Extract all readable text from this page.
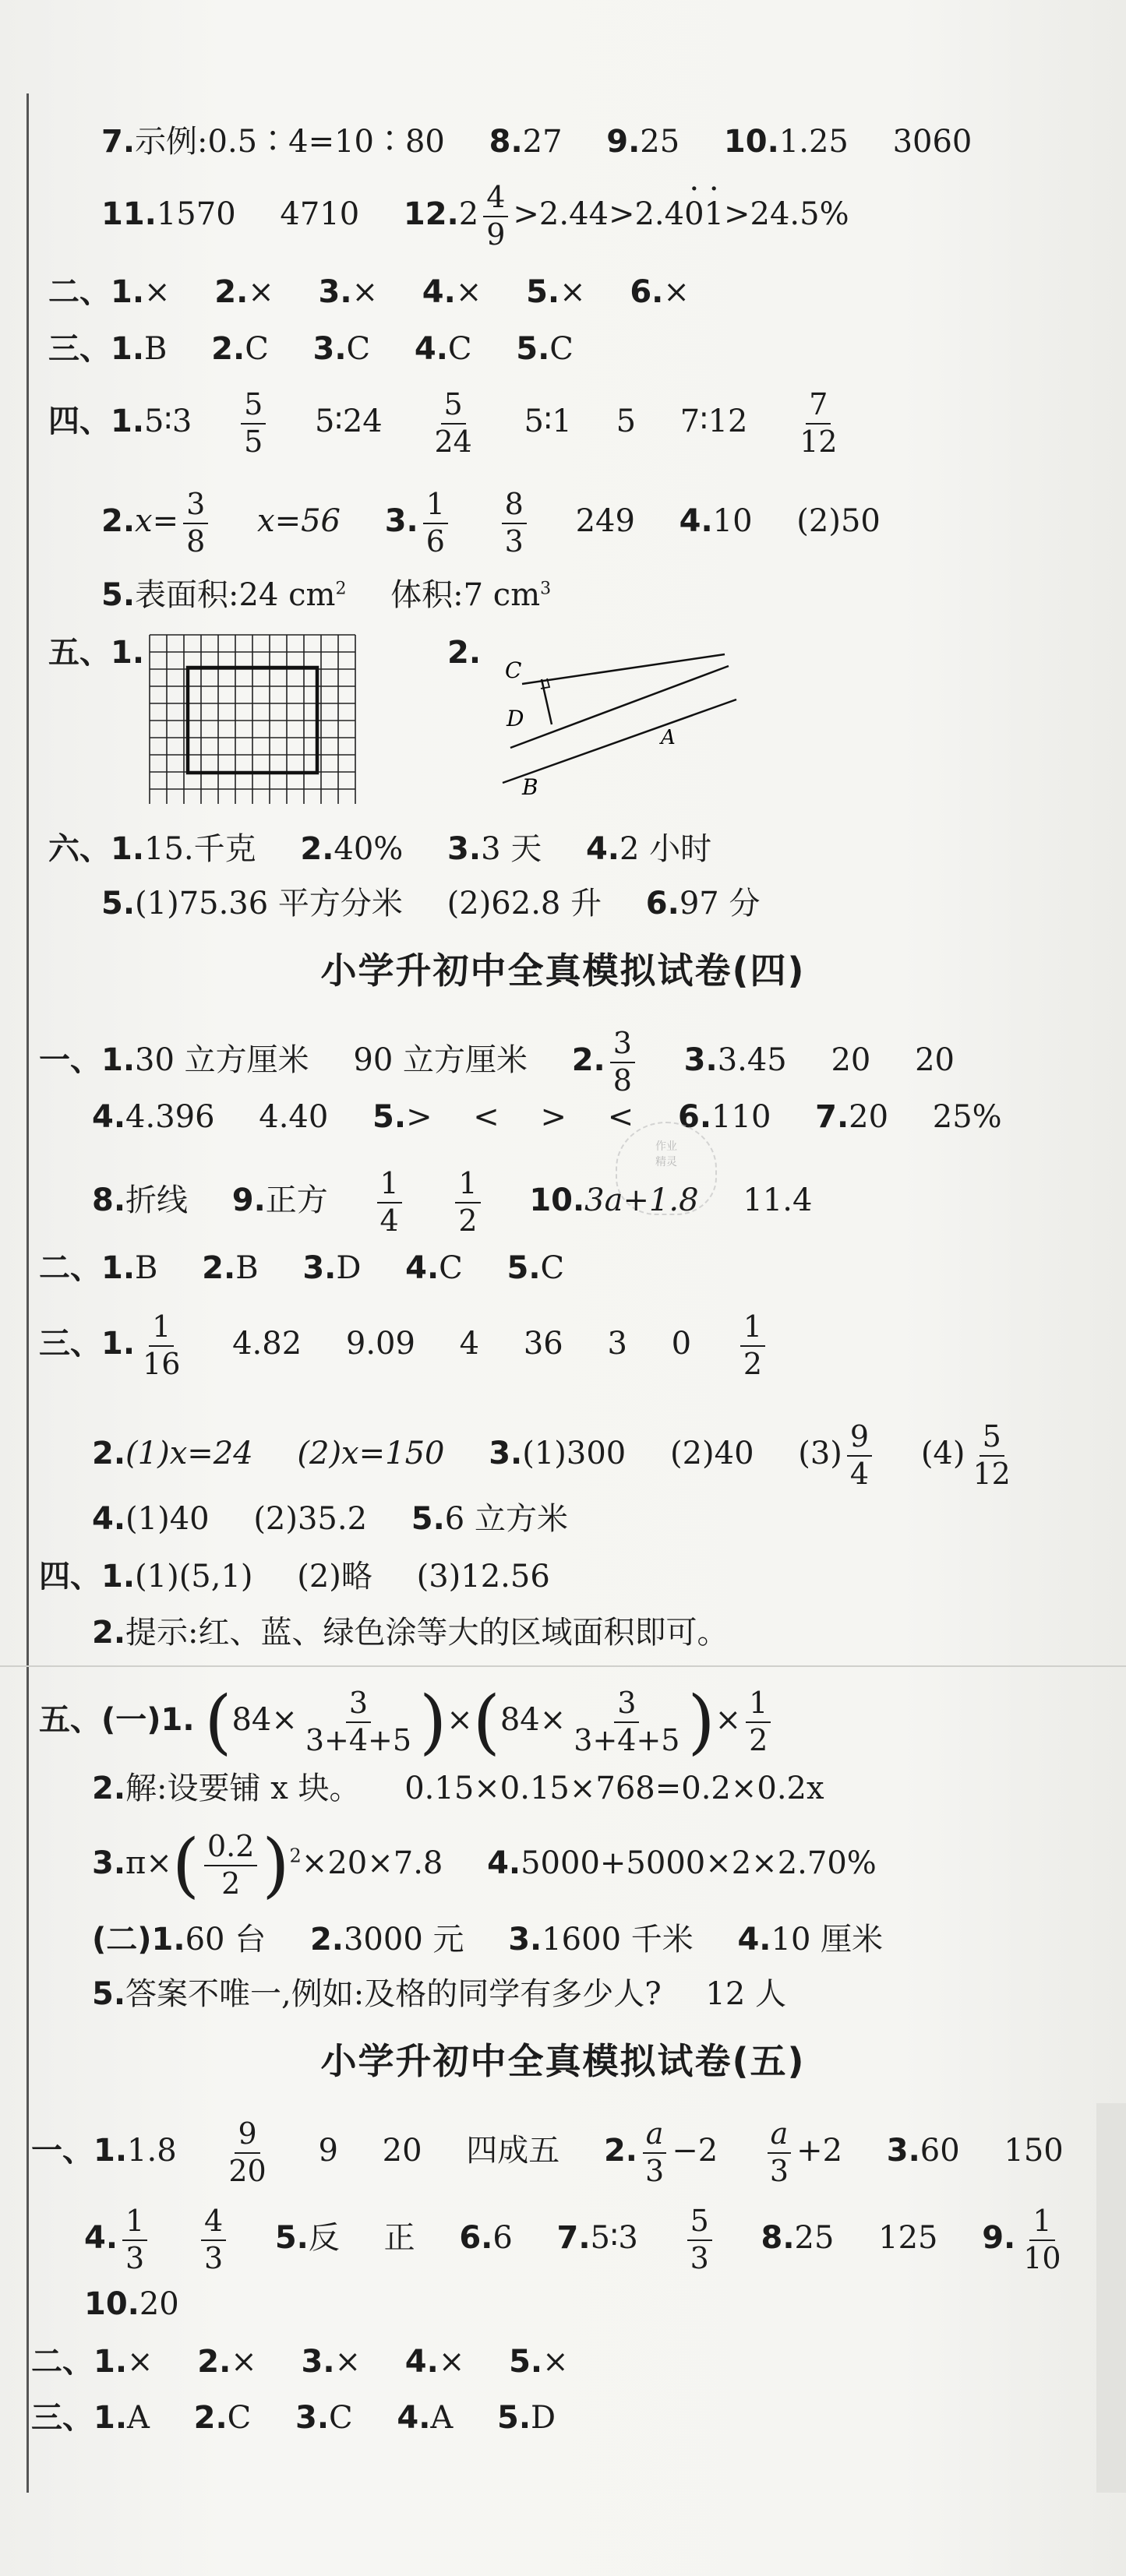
7.示例:0.5∶4=10∶80 8.27 9.25 10.1.25 3060
11.1570 4710 $12.2 \frac{4}{9} >2.44>2.4\cdot 0\cdot 1>24.5\%$
二、1.× 2.× 3.× 4.× 5.× 6.×
三、1.B 2.C 3.C 4.C 5.C
四、1.5∶3 $\frac{5}{5}$ 5∶24 $\frac{5}{24}$ 5∶1 5 7∶12 $\frac{7}{12}$
$2.x= \frac{3}{8} x=56$ 3. $\frac{1}{6}$
$\frac{8}{3} 249$ 4.10 (2)50
5.表面积:24 $cm^2$ 体积:7 $cm^3$
五、1.	2. C
D
A
B
六、1.15.千克 2.40% 3.3 天 4.2 小时
5.(1)75.36 平方分米 (2)62.8 升 6.97 分
小学升初中全真模拟试卷(四)
一、1.30 立方厘米 90 立方厘米 2. $\frac{3}{8} 3.3.45$ 20 20
4.4.396 4.40 5.> < > < 6.110 7.20 25%
作业
精灵
8.折线 9.正方 $\frac{1}{4}$
$\frac{1}{2} 10.3a+1.8$ 11.4
二、1.B 2.B 3.D 4.C 5.C
三、1. $\frac{1}{16} 4.82$ 9.09 4 36 3 $0 \frac{1}{2}$
2.(1)x=24 (2)x=150 3.(1)300 (2)40 $(3) \frac{9}{4} (4) \frac{5}{12}$
4.(1)40 (2)35.2 5.6 立方米
四、1.(1)(5,1) (2)略 (3)12.56
2.提示:红、蓝、绿色涂等大的区域面积即可。
五、(一)1. $(84\times \frac{3}{3+4+5} )\times(84\times \frac{3}{3+4+5}$ )× $\frac{1}{2}$
2.解:设要铺 x 块。 0.15×0.15×768=0.2×0.2x
$3.\pi\times( \frac{0.2}{2} )^2\times 20\times 7.8$ 4.5000+5000×2×2.70%
(二)1.60 台 2.3000 元 3.1600 千米 4.10 厘米
5.答案不唯一,例如:及格的同学有多少人? 12 人
小学升初中全真模拟试卷(五)
一、$1.1.8 \frac{9}{20} 9$ 20 四成五 2. $\frac{a}{3} -2 \frac{a}{3} +2$ 3.60 150
4. $\frac{1}{3}$
$\frac{4}{3} 5$.反 正 6.6 7.5∶3 $\frac{5}{3} 8.25$ 125 9. $\frac{1}{10}$
10.20
二、1.× 2.× 3.× 4.× 5.×
三、1.A 2.C 3.C 4.A 5.D
